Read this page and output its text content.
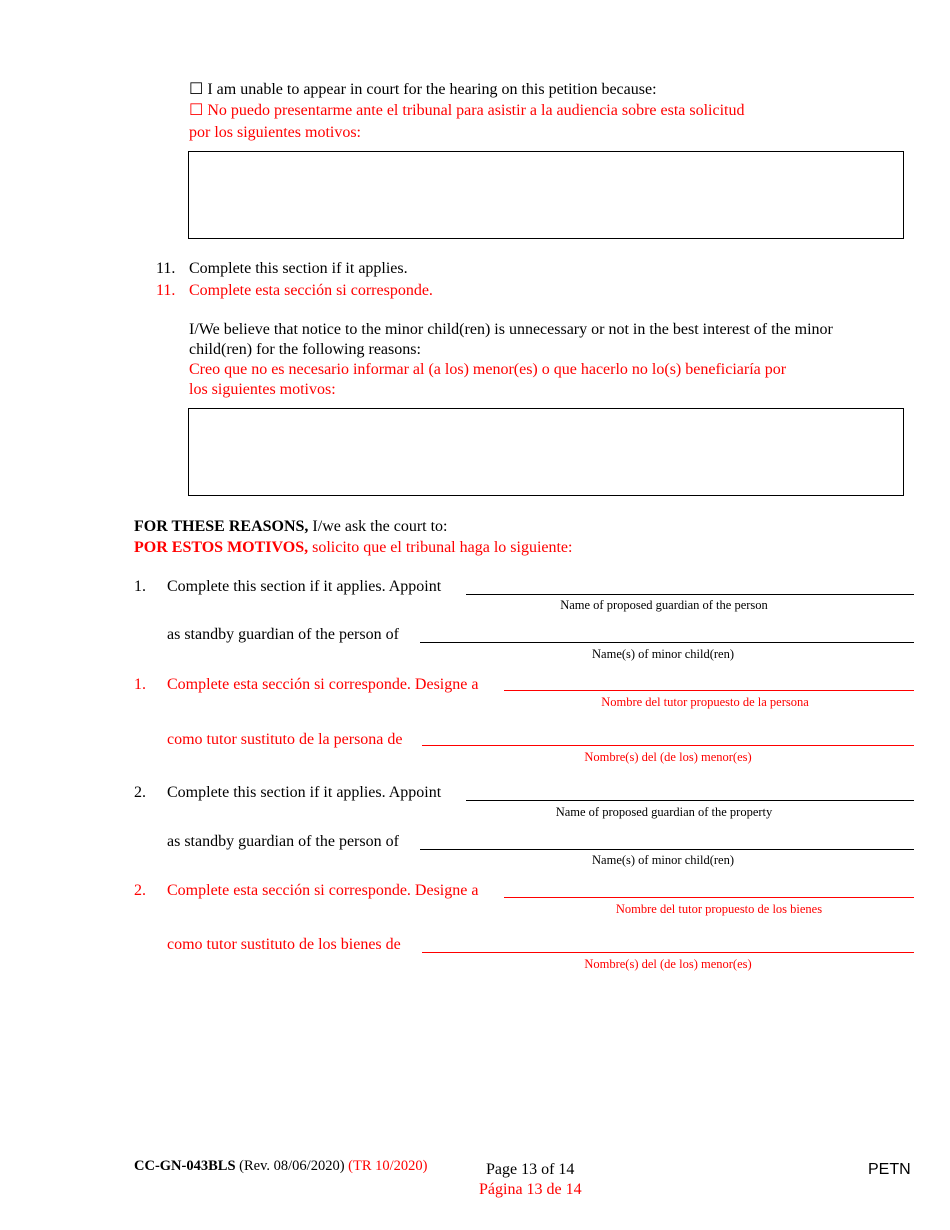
☐ I am unable to appear in court for the hearing on this petition because:
☐ No puedo presentarme ante el tribunal para asistir a la audiencia sobre esta solicitud
por los siguientes motivos:
11. Complete this section if it applies.
11. Complete esta sección si corresponde.
I/We believe that notice to the minor child(ren) is unnecessary or not in the best interest of the minor
child(ren) for the following reasons:
Creo que no es necesario informar al (a los) menor(es) o que hacerlo no lo(s) beneficiaría por
los siguientes motivos:
FOR THESE REASONS, I/we ask the court to:
POR ESTOS MOTIVOS, solicito que el tribunal haga lo siguiente:
1. Complete this section if it applies. Appoint
Name of proposed guardian of the person
as standby guardian of the person of
Name(s) of minor child(ren)
1. Complete esta sección si corresponde. Designe a
Nombre del tutor propuesto de la persona
como tutor sustituto de la persona de
Nombre(s) del (de los) menor(es)
2. Complete this section if it applies. Appoint
Name of proposed guardian of the property
as standby guardian of the person of
Name(s) of minor child(ren)
2. Complete esta sección si corresponde. Designe a
Nombre del tutor propuesto de los bienes
como tutor sustituto de los bienes de
Nombre(s) del (de los) menor(es)
CC-GN-043BLS (Rev. 08/06/2020) (TR 10/2020)	Page 13 of 14
Página 13 de 14
PETN
